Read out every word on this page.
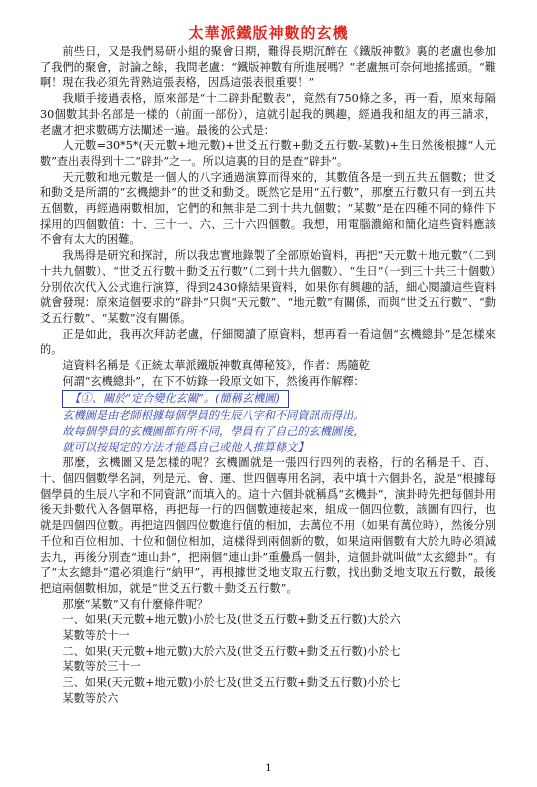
太華派鐵版神數的玄機

前些日，又是我們易研小組的聚會日期，難得長期沉醉在《鐵版神數》裏的老盧也參加了我們的聚會，討論之餘，我問老盧：“鐵版神數有所進展嗎？”老盧無可奈何地搖搖頭。“難啊！現在我必須先背熟這張表格，因爲這張表很重要！”

我順手接過表格，原來部是“十二辟卦配數表”，竟然有750條之多，再一看，原來每隔30個數其卦名部是一樣的（前面一部份），這就引起我的興趣，經過我和組友的再三請求，老盧才把求數碼方法闡述一遍。最後的公式是：

人元數=30*5*(天元數+地元數)+世爻五行數+動爻五行數-某數)+生日然後根據“人元數”查出表得到十二“辟卦”之一。所以這裏的目的是查“辟卦”。

天元數和地元數是一個人的八字通過演算而得來的，其數值各是一到五共五個數；世爻和動爻是所謂的“玄機總卦”的世爻和動爻。既然它是用“五行數”，那麼五行數只有一到五共五個數，再經過兩數相加，它們的和無非是二到十共九個數；“某數”是在四種不同的條件下採用的四個數值：十、三十一、六、三十六四個數。我想，用電腦濃縮和簡化這些資料應該不會有太大的困難。

我馬得是研究和探討，所以我忠實地錄製了全部原始資料，再把“天元數＋地元數”（二到十共九個數）、“世爻五行數＋動爻五行數”（二到十共九個數）、“生日”（一到三十共三十個數）分別依次代入公式進行演算，得到2430條結果資料，如果你有興趣的話，細心閱讀這些資料就會發現：原來這個要求的“辟卦”只與“天元數”、“地元數”有關係，而與“世爻五行數”、“動爻五行數”、“某數”沒有關係。

正是如此，我再次拜訪老盧，仔細閱讀了原資料，想再看一看這個“玄機總卦”是怎樣來的。

這資料名稱是《正統太華派鐵版神數真傳秘笈》，作者：馬隨乾

何謂“玄機總卦”，在下不妨錄一段原文如下，然後再作解釋：

【①、關於“定合變化玄關”。(簡稱玄機圖)

玄機圖是由老師根據每個學員的生辰八字和不同資訊而得出。

故每個學員的玄機圖都有所不同，學員有了自己的玄機圖後，

就可以按規定的方法才能爲自己或他人推算條文】

那麼，玄機圖又是怎樣的呢？玄機圖就是一張四行四列的表格，行的名稱是千、百、十、個四個數學名詞，列是元、會、運、世四個專用名詞，表中填十六個卦名，說是“根據每個學員的生辰八字和不同資訊”而填入的。這十六個卦就稱爲“玄機卦”，演卦時先把每個卦用後天卦數代入各個單格，再把每一行的四個數連接起來，組成一個四位數，該圖有四行，也就是四個四位數。再把這四個四位數進行值的相加，去萬位不用（如果有萬位時），然後分別千位和百位相加、十位和個位相加，這樣得到兩個新的數，如果這兩個數有大於九時必須減去九，再後分別查“連山卦”，把兩個“連山卦”重疊爲一個卦，這個卦就叫做“太玄總卦”。有了“太玄總卦”還必須進行“納甲”，再根據世爻地支取五行數，找出動爻地支取五行數，最後把這兩個數相加，就是“世爻五行數＋動爻五行數”。

那麼“某數”又有什麼條件呢？

一、如果(天元數+地元數)小於七及(世爻五行數+動爻五行數)大於六

某數等於十一

二、如果(天元數+地元數)大於六及(世爻五行數+動爻五行數)小於七

某數等於三十一

三、如果(天元數+地元數)小於七及(世爻五行數+動爻五行數)小於七

某數等於六

1
